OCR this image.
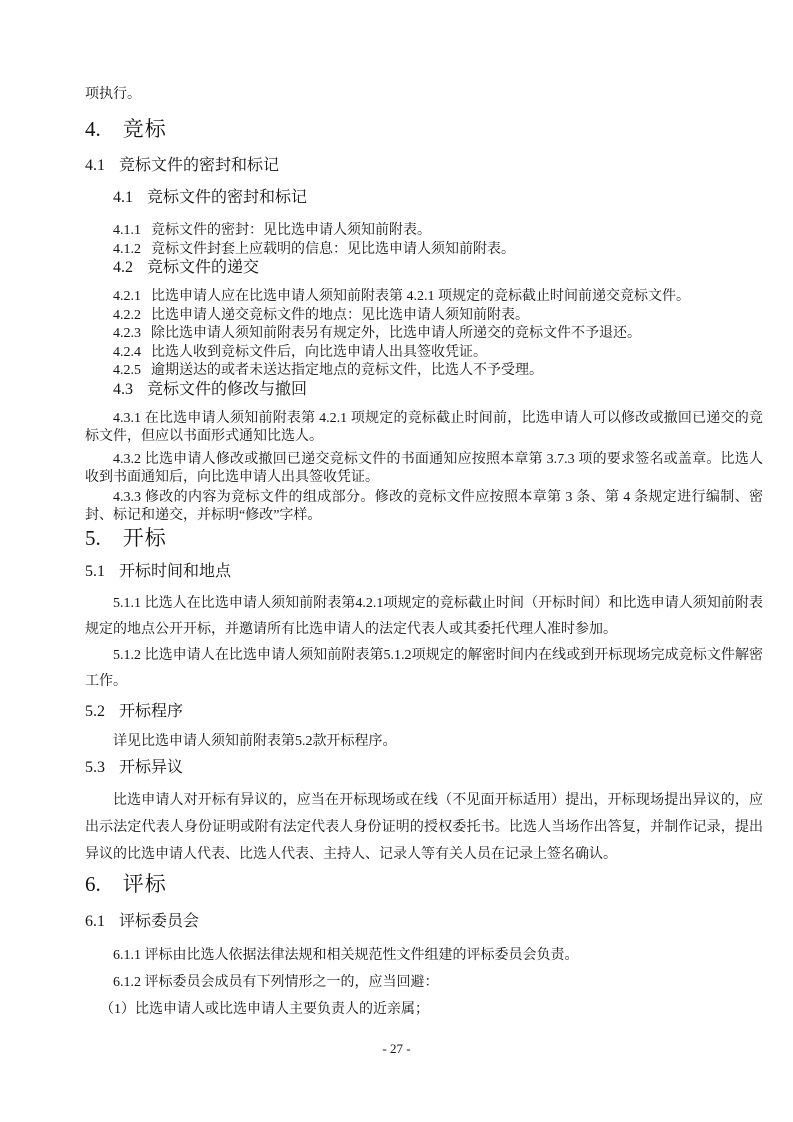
项执行。

4. 竞标
4.1 竞标文件的密封和标记
4.1 竞标文件的密封和标记

4.1.1 竞标文件的密封：见比选申请人须知前附表。

4.1.2 竞标文件封套上应载明的信息：见比选申请人须知前附表。

4.2 竞标文件的递交

4.2.1 比选申请人应在比选申请人须知前附表第 4.2.1 项规定的竞标截止时间前递交竞标文件。

4.2.2 比选申请人递交竞标文件的地点：见比选申请人须知前附表。

4.2.3 除比选申请人须知前附表另有规定外，比选申请人所递交的竞标文件不予退还。

4.2.4 比选人收到竞标文件后，向比选申请人出具签收凭证。

4.2.5 逾期送达的或者未送达指定地点的竞标文件，比选人不予受理。

4.3 竞标文件的修改与撤回

4.3.1 在比选申请人须知前附表第 4.2.1 项规定的竞标截止时间前，比选申请人可以修改或撤回已递交的竞标文件，但应以书面形式通知比选人。

4.3.2 比选申请人修改或撤回已递交竞标文件的书面通知应按照本章第 3.7.3 项的要求签名或盖章。比选人收到书面通知后，向比选申请人出具签收凭证。

4.3.3 修改的内容为竞标文件的组成部分。修改的竞标文件应按照本章第 3 条、第 4 条规定进行编制、密封、标记和递交，并标明“修改”字样。

5. 开标
5.1 开标时间和地点

5.1.1 比选人在比选申请人须知前附表第4.2.1项规定的竞标截止时间（开标时间）和比选申请人须知前附表规定的地点公开开标，并邀请所有比选申请人的法定代表人或其委托代理人准时参加。

5.1.2 比选申请人在比选申请人须知前附表第5.1.2项规定的解密时间内在线或到开标现场完成竞标文件解密工作。

5.2 开标程序

详见比选申请人须知前附表第5.2款开标程序。

5.3 开标异议

比选申请人对开标有异议的，应当在开标现场或在线（不见面开标适用）提出，开标现场提出异议的，应出示法定代表人身份证明或附有法定代表人身份证明的授权委托书。比选人当场作出答复，并制作记录，提出异议的比选申请人代表、比选人代表、主持人、记录人等有关人员在记录上签名确认。

6. 评标
6.1 评标委员会

6.1.1 评标由比选人依据法律法规和相关规范性文件组建的评标委员会负责。

6.1.2 评标委员会成员有下列情形之一的，应当回避：

（1）比选申请人或比选申请人主要负责人的近亲属；

- 27 -
